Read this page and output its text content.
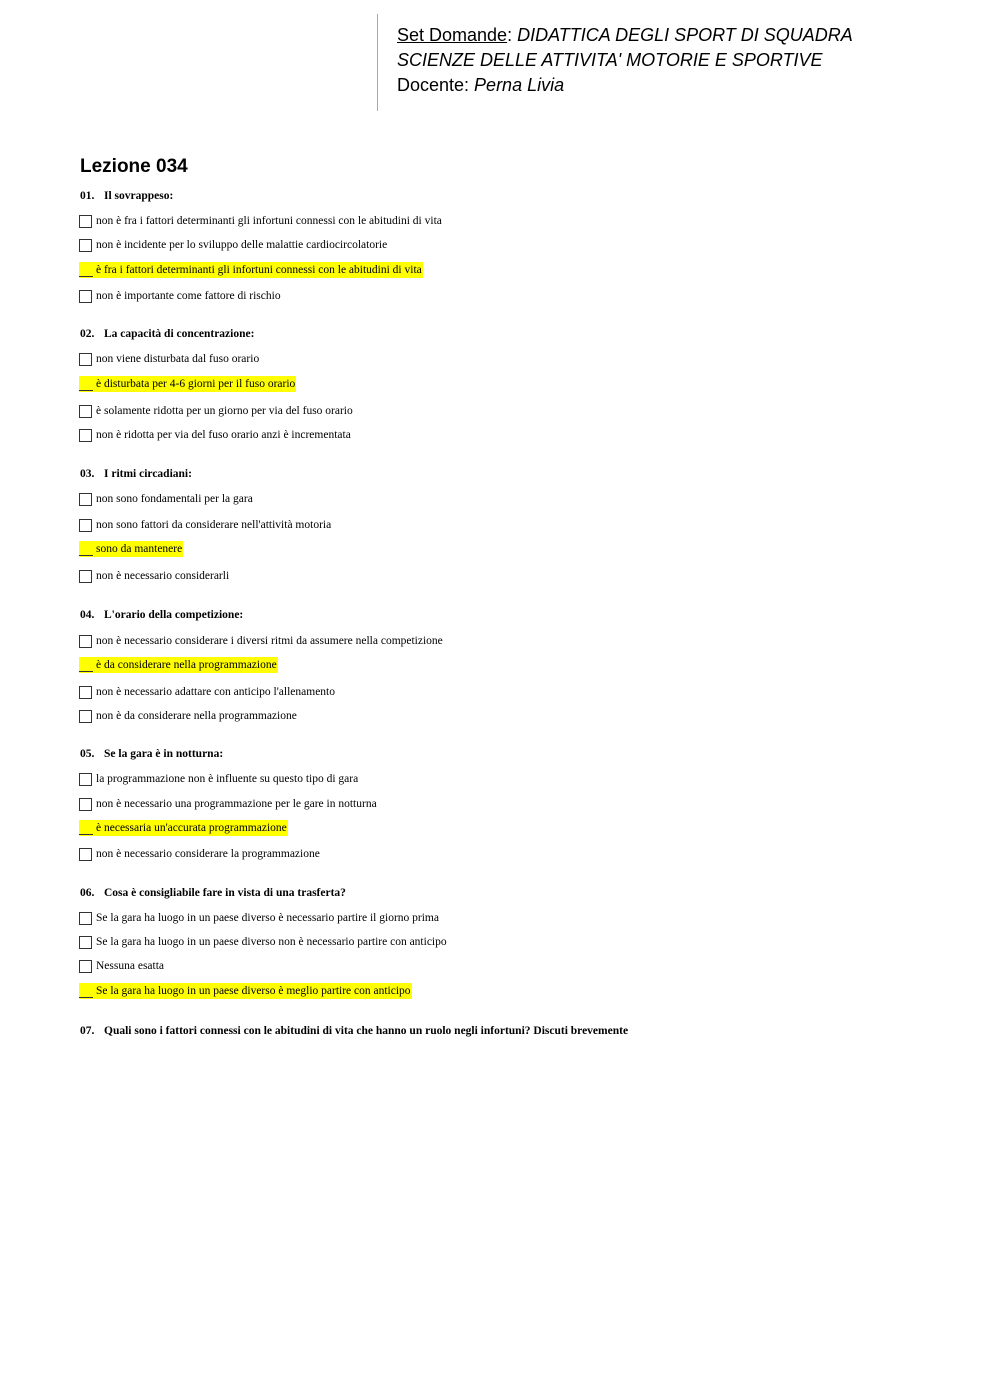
Set Domande: DIDATTICA DEGLI SPORT DI SQUADRA
SCIENZE DELLE ATTIVITA' MOTORIE E SPORTIVE
Docente: Perna Livia
Lezione 034
01. Il sovrappeso:
non è fra i fattori determinanti gli infortuni connessi con le abitudini di vita
non è incidente per lo sviluppo delle malattie cardiocircolatorie
è fra i fattori determinanti gli infortuni connessi con le abitudini di vita
non è importante come fattore di rischio
02. La capacità di concentrazione:
non viene disturbata dal fuso orario
è disturbata per 4-6 giorni per il fuso orario
è solamente ridotta per un giorno per via del fuso orario
non è ridotta per via del fuso orario anzi è incrementata
03. I ritmi circadiani:
non sono fondamentali per la gara
non sono fattori da considerare nell'attività motoria
sono da mantenere
non è necessario considerarli
04. L'orario della competizione:
non è necessario considerare i diversi ritmi da assumere nella competizione
è da considerare nella programmazione
non è necessario adattare con anticipo l'allenamento
non è da considerare nella programmazione
05. Se la gara è in notturna:
la programmazione non è influente su questo tipo di gara
non è necessario una programmazione per le gare in notturna
è necessaria un'accurata programmazione
non è necessario considerare la programmazione
06. Cosa è consigliabile fare in vista di una trasferta?
Se la gara ha luogo in un paese diverso è necessario partire il giorno prima
Se la gara ha luogo in un paese diverso non è necessario partire con anticipo
Nessuna esatta
Se la gara ha luogo in un paese diverso è meglio partire con anticipo
07. Quali sono i fattori connessi con le abitudini di vita che hanno un ruolo negli infortuni? Discuti brevemente
